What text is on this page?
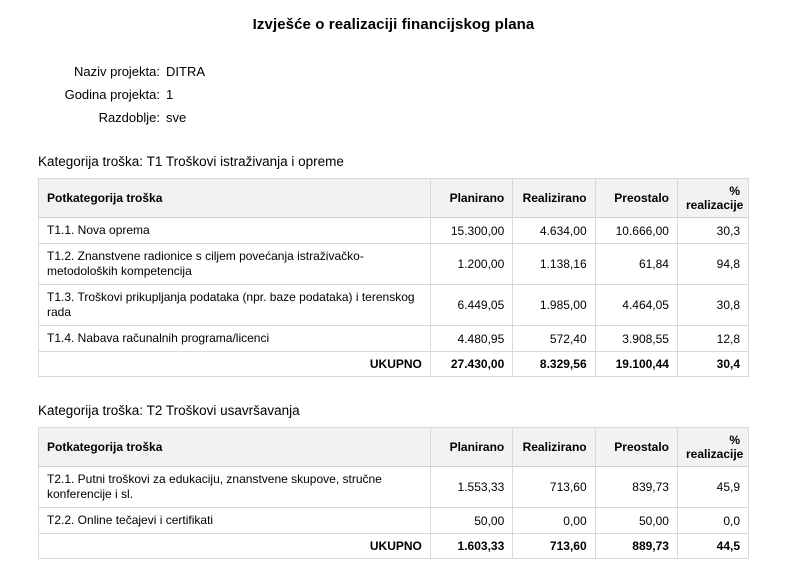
Izvješće o realizaciji financijskog plana
Naziv projekta: DITRA
Godina projekta: 1
Razdoblje: sve
Kategorija troška: T1 Troškovi istraživanja i opreme
Potkategorija troška	Planirano	Realizirano	Preostalo	% realizacije
T1.1. Nova oprema	15.300,00	4.634,00	10.666,00	30,3
T1.2. Znanstvene radionice s ciljem povećanja istraživačko-metodoloških kompetencija	1.200,00	1.138,16	61,84	94,8
T1.3. Troškovi prikupljanja podataka (npr. baze podataka) i terenskog rada	6.449,05	1.985,00	4.464,05	30,8
T1.4. Nabava računalnih programa/licenci	4.480,95	572,40	3.908,55	12,8
UKUPNO	27.430,00	8.329,56	19.100,44	30,4
Kategorija troška: T2 Troškovi usavršavanja
Potkategorija troška	Planirano	Realizirano	Preostalo	% realizacije
T2.1. Putni troškovi za edukaciju, znanstvene skupove, stručne konferencije i sl.	1.553,33	713,60	839,73	45,9
T2.2. Online tečajevi i certifikati	50,00	0,00	50,00	0,0
UKUPNO	1.603,33	713,60	889,73	44,5
